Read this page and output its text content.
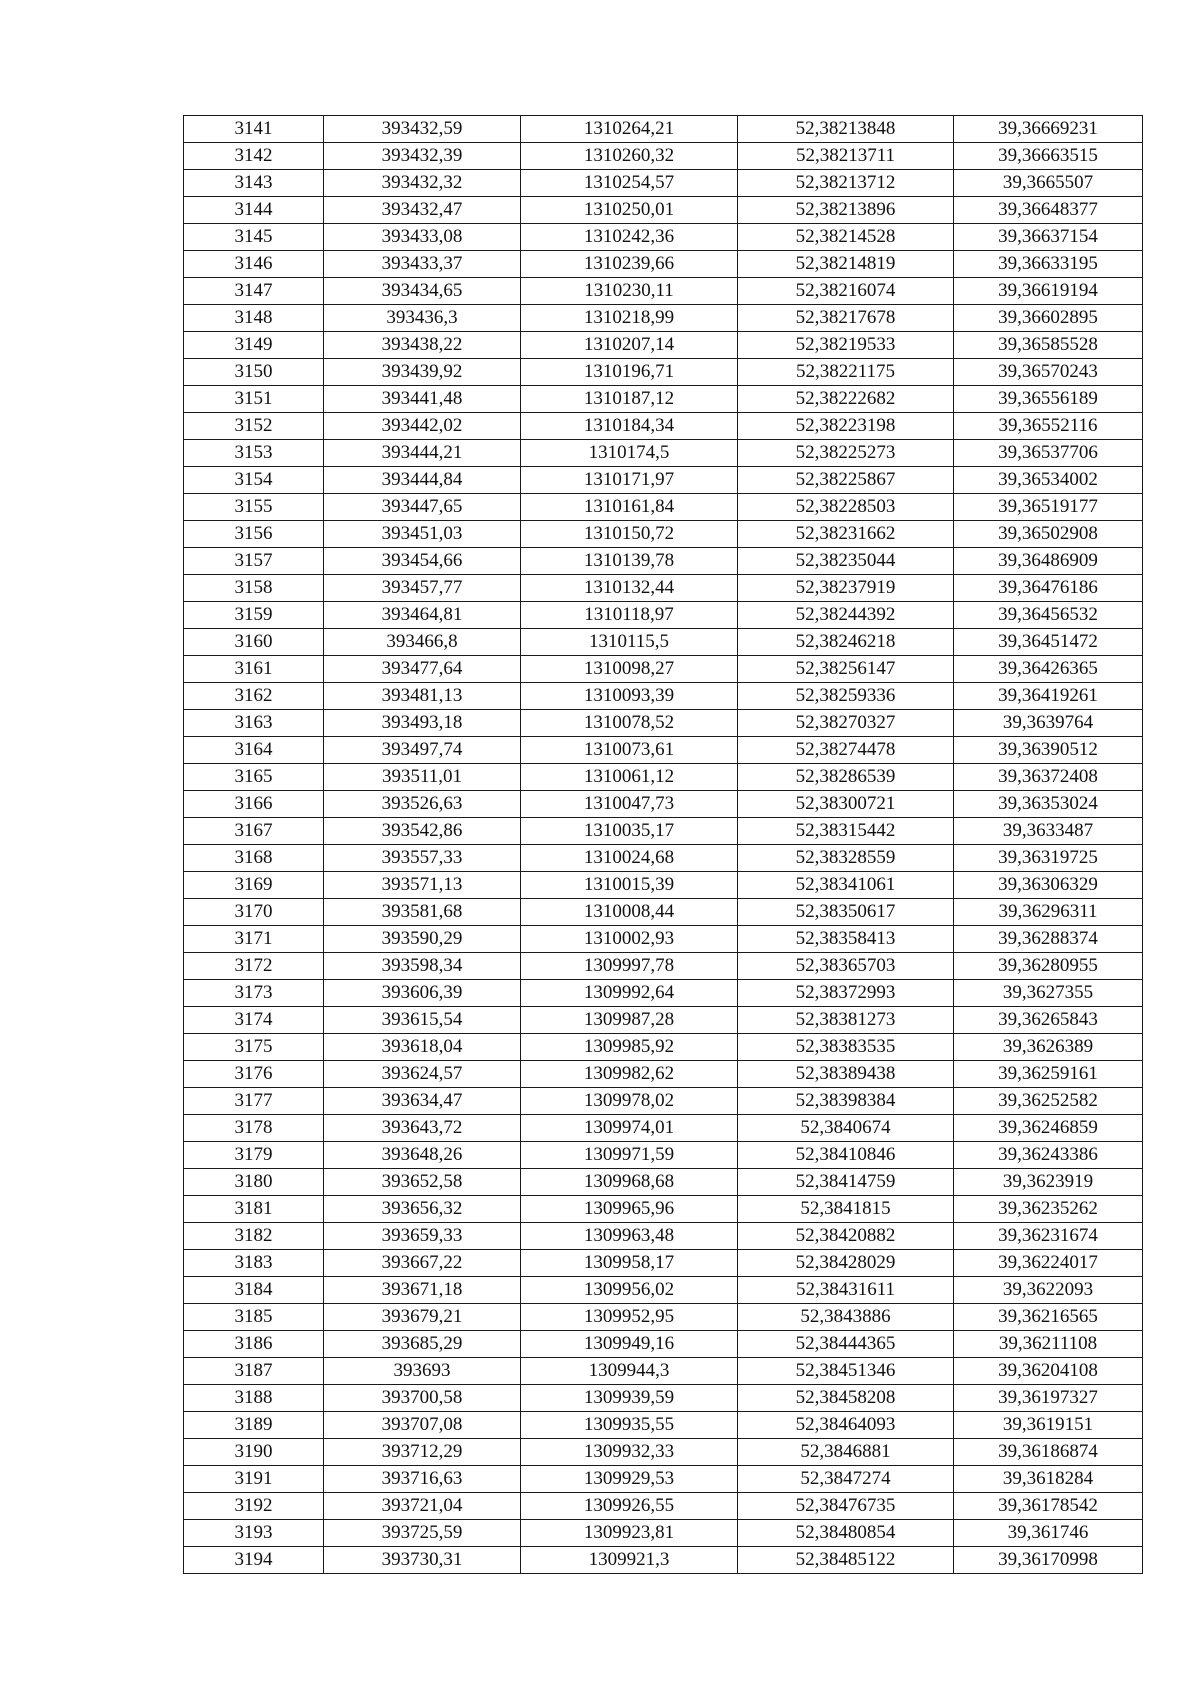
3141	393432,59	1310264,21	52,38213848	39,36669231
3142	393432,39	1310260,32	52,38213711	39,36663515
3143	393432,32	1310254,57	52,38213712	39,3665507
3144	393432,47	1310250,01	52,38213896	39,36648377
3145	393433,08	1310242,36	52,38214528	39,36637154
3146	393433,37	1310239,66	52,38214819	39,36633195
3147	393434,65	1310230,11	52,38216074	39,36619194
3148	393436,3	1310218,99	52,38217678	39,36602895
3149	393438,22	1310207,14	52,38219533	39,36585528
3150	393439,92	1310196,71	52,38221175	39,36570243
3151	393441,48	1310187,12	52,38222682	39,36556189
3152	393442,02	1310184,34	52,38223198	39,36552116
3153	393444,21	1310174,5	52,38225273	39,36537706
3154	393444,84	1310171,97	52,38225867	39,36534002
3155	393447,65	1310161,84	52,38228503	39,36519177
3156	393451,03	1310150,72	52,38231662	39,36502908
3157	393454,66	1310139,78	52,38235044	39,36486909
3158	393457,77	1310132,44	52,38237919	39,36476186
3159	393464,81	1310118,97	52,38244392	39,36456532
3160	393466,8	1310115,5	52,38246218	39,36451472
3161	393477,64	1310098,27	52,38256147	39,36426365
3162	393481,13	1310093,39	52,38259336	39,36419261
3163	393493,18	1310078,52	52,38270327	39,3639764
3164	393497,74	1310073,61	52,38274478	39,36390512
3165	393511,01	1310061,12	52,38286539	39,36372408
3166	393526,63	1310047,73	52,38300721	39,36353024
3167	393542,86	1310035,17	52,38315442	39,3633487
3168	393557,33	1310024,68	52,38328559	39,36319725
3169	393571,13	1310015,39	52,38341061	39,36306329
3170	393581,68	1310008,44	52,38350617	39,36296311
3171	393590,29	1310002,93	52,38358413	39,36288374
3172	393598,34	1309997,78	52,38365703	39,36280955
3173	393606,39	1309992,64	52,38372993	39,3627355
3174	393615,54	1309987,28	52,38381273	39,36265843
3175	393618,04	1309985,92	52,38383535	39,3626389
3176	393624,57	1309982,62	52,38389438	39,36259161
3177	393634,47	1309978,02	52,38398384	39,36252582
3178	393643,72	1309974,01	52,3840674	39,36246859
3179	393648,26	1309971,59	52,38410846	39,36243386
3180	393652,58	1309968,68	52,38414759	39,3623919
3181	393656,32	1309965,96	52,3841815	39,36235262
3182	393659,33	1309963,48	52,38420882	39,36231674
3183	393667,22	1309958,17	52,38428029	39,36224017
3184	393671,18	1309956,02	52,38431611	39,3622093
3185	393679,21	1309952,95	52,3843886	39,36216565
3186	393685,29	1309949,16	52,38444365	39,36211108
3187	393693	1309944,3	52,38451346	39,36204108
3188	393700,58	1309939,59	52,38458208	39,36197327
3189	393707,08	1309935,55	52,38464093	39,3619151
3190	393712,29	1309932,33	52,3846881	39,36186874
3191	393716,63	1309929,53	52,3847274	39,3618284
3192	393721,04	1309926,55	52,38476735	39,36178542
3193	393725,59	1309923,81	52,38480854	39,361746
3194	393730,31	1309921,3	52,38485122	39,36170998
